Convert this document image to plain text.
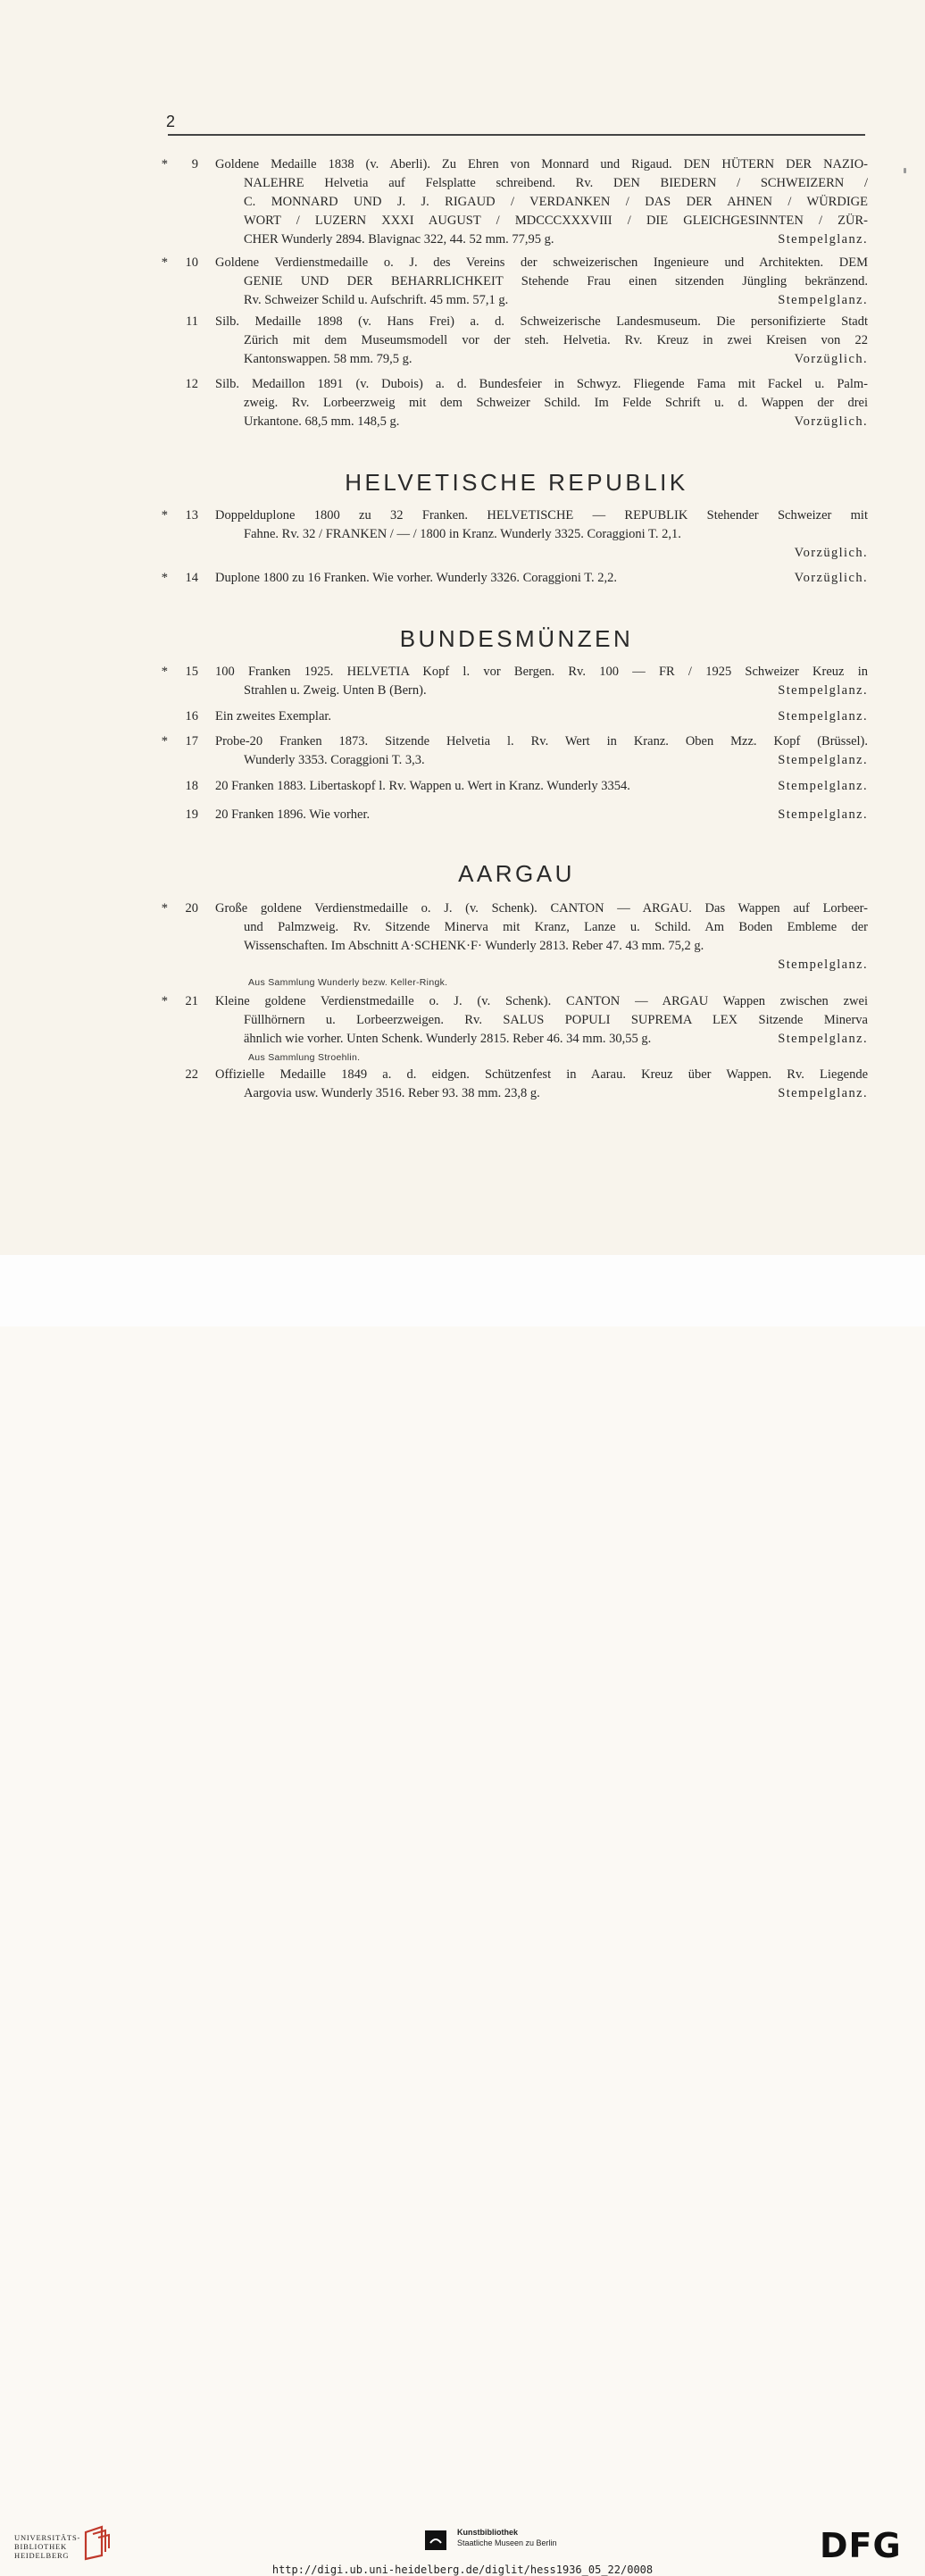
2
*	9 Goldene Medaille 1838 (v. Aberli). Zu Ehren von Monnard und Rigaud. DEN HÜTERN DER NAZIO-
NALEHRE Helvetia auf Felsplatte schreibend. Rv. DEN BIEDERN / SCHWEIZERN /
C. MONNARD UND J. J. RIGAUD / VERDANKEN / DAS DER AHNEN / WÜRDIGE
WORT / LUZERN XXXI AUGUST / MDCCCXXXVIII / DIE GLEICHGESINNTEN / ZÜR-
CHER Wunderly 2894. Blavignac 322, 44. 52 mm. 77,95 g.	Stempelglanz.
*	10 Goldene Verdienstmedaille o. J. des Vereins der schweizerischen Ingenieure und Architekten. DEM
GENIE UND DER BEHARRLICHKEIT Stehende Frau einen sitzenden Jüngling bekränzend.
Rv. Schweizer Schild u. Aufschrift. 45 mm. 57,1 g.	Stempelglanz.
11 Silb. Medaille 1898 (v. Hans Frei) a. d. Schweizerische Landesmuseum. Die personifizierte Stadt
Zürich mit dem Museumsmodell vor der steh. Helvetia. Rv. Kreuz in zwei Kreisen von 22
Kantonswappen. 58 mm. 79,5 g.	Vorzüglich.
12 Silb. Medaillon 1891 (v. Dubois) a. d. Bundesfeier in Schwyz. Fliegende Fama mit Fackel u. Palm-
zweig. Rv. Lorbeerzweig mit dem Schweizer Schild. Im Felde Schrift u. d. Wappen der drei
Urkantone. 68,5 mm. 148,5 g.	Vorzüglich.
HELVETISCHE REPUBLIK
*	13 Doppelduplone 1800 zu 32 Franken. HELVETISCHE — REPUBLIK Stehender Schweizer mit
Fahne. Rv. 32 / FRANKEN / — / 1800 in Kranz. Wunderly 3325. Coraggioni T. 2,1.
Vorzüglich.
*	14 Duplone 1800 zu 16 Franken. Wie vorher. Wunderly 3326. Coraggioni T. 2,2.	Vorzüglich.
BUNDESMÜNZEN
*	15 100 Franken 1925. HELVETIA Kopf l. vor Bergen. Rv. 100 — FR / 1925 Schweizer Kreuz in
Strahlen u. Zweig. Unten B (Bern).	Stempelglanz.
16 Ein zweites Exemplar.	Stempelglanz.
*	17 Probe-20 Franken 1873. Sitzende Helvetia l. Rv. Wert in Kranz. Oben Mzz. Kopf (Brüssel).
Wunderly 3353. Coraggioni T. 3,3.	Stempelglanz.
18 20 Franken 1883. Libertaskopf l. Rv. Wappen u. Wert in Kranz. Wunderly 3354.	Stempelglanz.
19 20 Franken 1896. Wie vorher.	Stempelglanz.
AARGAU
*	20 Große goldene Verdienstmedaille o. J. (v. Schenk). CANTON — ARGAU. Das Wappen auf Lorbeer-
und Palmzweig. Rv. Sitzende Minerva mit Kranz, Lanze u. Schild. Am Boden Embleme der
Wissenschaften. Im Abschnitt A·SCHENK·F· Wunderly 2813. Reber 47. 43 mm. 75,2 g.
Stempelglanz.
Aus Sammlung Wunderly bezw. Keller-Ringk.
*	21 Kleine goldene Verdienstmedaille o. J. (v. Schenk). CANTON — ARGAU Wappen zwischen zwei
Füllhörnern u. Lorbeerzweigen. Rv. SALUS POPULI SUPREMA LEX Sitzende Minerva
ähnlich wie vorher. Unten Schenk. Wunderly 2815. Reber 46. 34 mm. 30,55 g.	Stempelglanz.
Aus Sammlung Stroehlin.
22 Offizielle Medaille 1849 a. d. eidgen. Schützenfest in Aarau. Kreuz über Wappen. Rv. Liegende
Aargovia usw. Wunderly 3516. Reber 93. 38 mm. 23,8 g.	Stempelglanz.
UNIVERSITÄTS-
BIBLIOTHEK
HEIDELBERG
Kunstbibliothek
Staatliche Museen zu Berlin	DFG
http://digi.ub.uni-heidelberg.de/diglit/hess1936_05_22/0008
